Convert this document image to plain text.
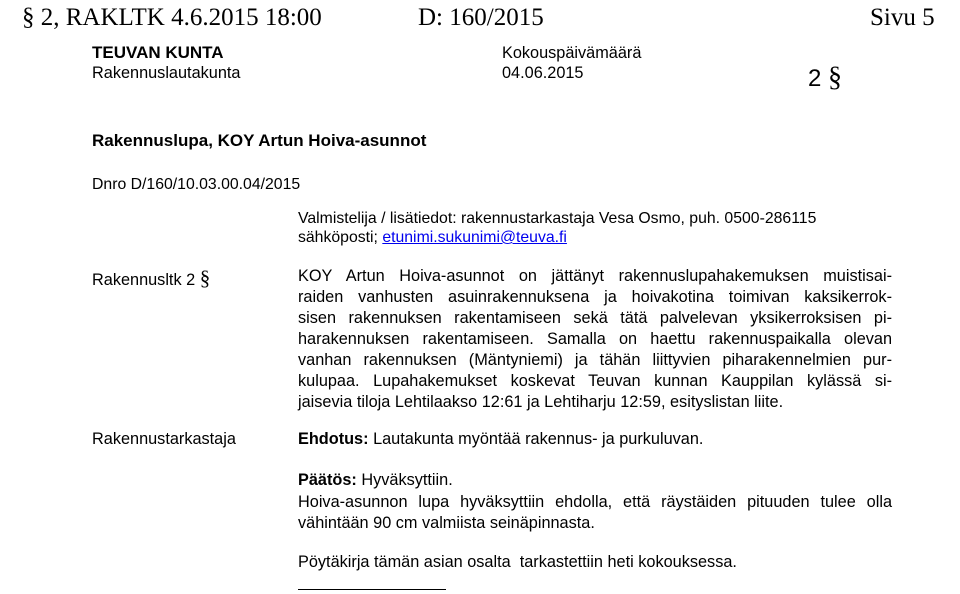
§ 2, RAKLTK 4.6.2015 18:00	D: 160/2015	Sivu 5
TEUVAN KUNTA
Rakennuslautakunta
Kokouspäivämäärä
04.06.2015	2 §
Rakennuslupa, KOY Artun Hoiva-asunnot
Dnro D/160/10.03.00.04/2015
Valmistelija / lisätiedot: rakennustarkastaja Vesa Osmo, puh. 0500-286115
sähköposti; etunimi.sukunimi@teuva.fi
Rakennusltk 2 §	KOY Artun Hoiva-asunnot on jättänyt rakennuslupahakemuksen muistisai-
raiden vanhusten asuinrakennuksena ja hoivakotina toimivan kaksikerrok-
sisen rakennuksen rakentamiseen sekä tätä palvelevan yksikerroksisen pi-
harakennuksen rakentamiseen. Samalla on haettu rakennuspaikalla olevan
vanhan rakennuksen (Mäntyniemi) ja tähän liittyvien piharakennelmien pur-
kulupaa. Lupahakemukset koskevat Teuvan kunnan Kauppilan kylässä si-
jaisevia tiloja Lehtilaakso 12:61 ja Lehtiharju 12:59, esityslistan liite.
Rakennustarkastaja	Ehdotus: Lautakunta myöntää rakennus- ja purkuluvan.
Päätös: Hyväksyttiin.
Hoiva-asunnon lupa hyväksyttiin ehdolla, että räystäiden pituuden tulee olla
vähintään 90 cm valmiista seinäpinnasta.
Pöytäkirja tämän asian osalta  tarkastettiin heti kokouksessa.
